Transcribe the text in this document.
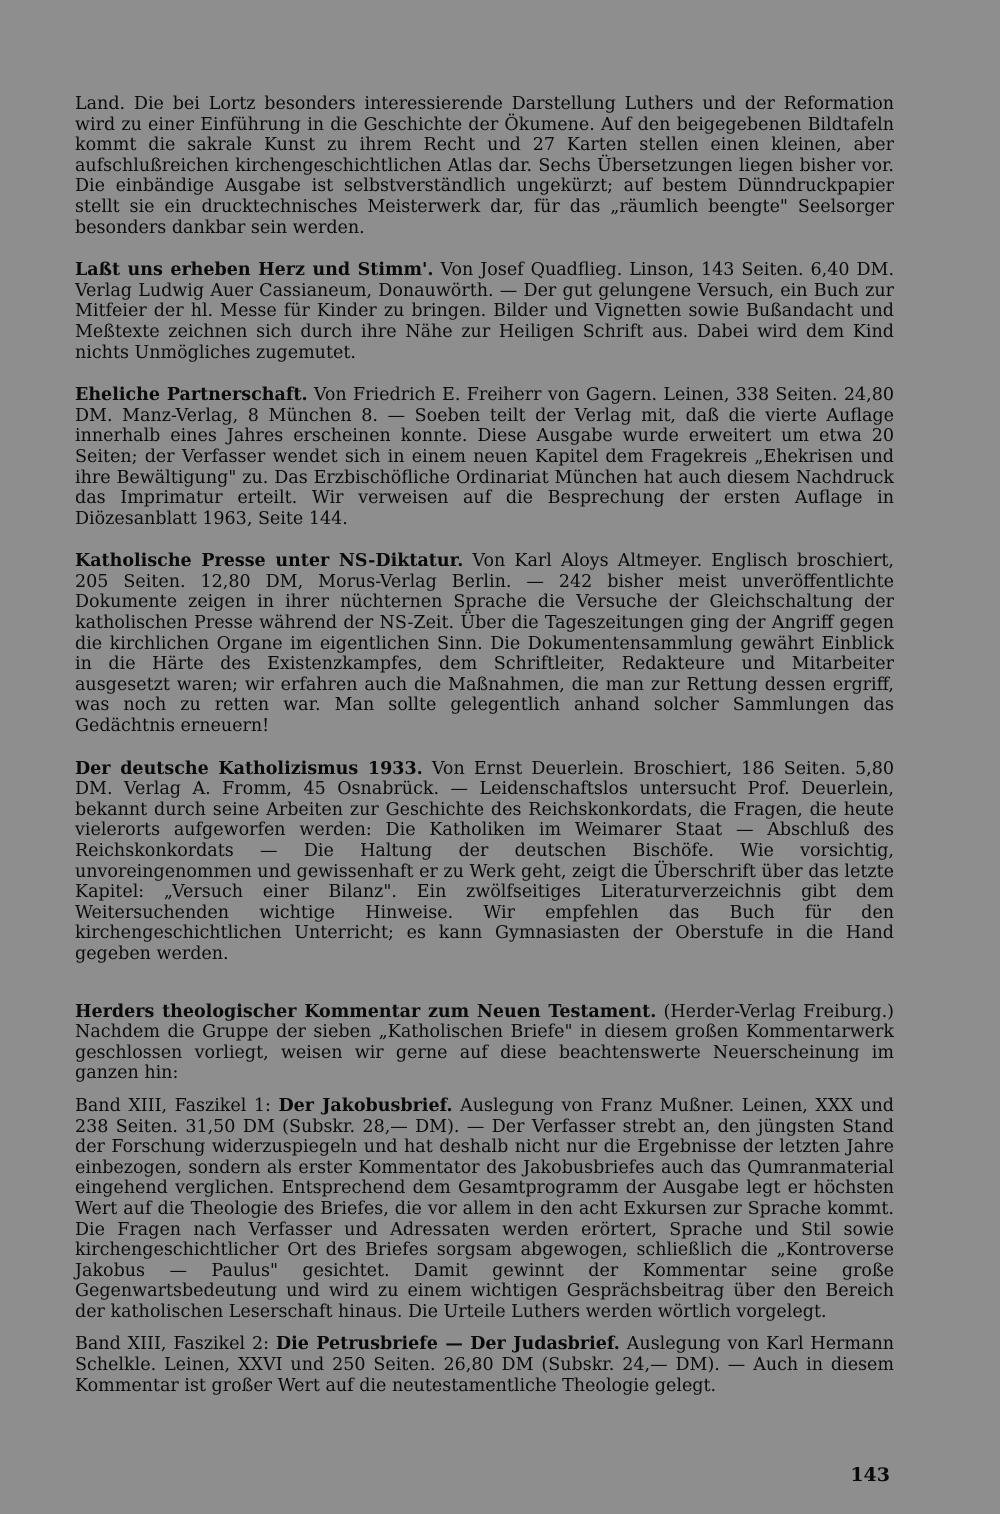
Land. Die bei Lortz besonders interessierende Darstellung Luthers und der Reformation wird zu einer Einführung in die Geschichte der Ökumene. Auf den beigegebenen Bildtafeln kommt die sakrale Kunst zu ihrem Recht und 27 Karten stellen einen kleinen, aber aufschlußreichen kirchengeschichtlichen Atlas dar. Sechs Übersetzungen liegen bisher vor. Die einbändige Ausgabe ist selbstverständlich ungekürzt; auf bestem Dünndruckpapier stellt sie ein drucktechnisches Meisterwerk dar, für das „räumlich beengte" Seelsorger besonders dankbar sein werden.

Laßt uns erheben Herz und Stimm'. Von Josef Quadflieg. Linson, 143 Seiten. 6,40 DM. Verlag Ludwig Auer Cassianeum, Donauwörth. — Der gut gelungene Versuch, ein Buch zur Mitfeier der hl. Messe für Kinder zu bringen. Bilder und Vignetten sowie Bußandacht und Meßtexte zeichnen sich durch ihre Nähe zur Heiligen Schrift aus. Dabei wird dem Kind nichts Unmögliches zugemutet.

Eheliche Partnerschaft. Von Friedrich E. Freiherr von Gagern. Leinen, 338 Seiten. 24,80 DM. Manz-Verlag, 8 München 8. — Soeben teilt der Verlag mit, daß die vierte Auflage innerhalb eines Jahres erscheinen konnte. Diese Ausgabe wurde erweitert um etwa 20 Seiten; der Verfasser wendet sich in einem neuen Kapitel dem Fragekreis „Ehekrisen und ihre Bewältigung" zu. Das Erzbischöfliche Ordinariat München hat auch diesem Nachdruck das Imprimatur erteilt. Wir verweisen auf die Besprechung der ersten Auflage in Diözesanblatt 1963, Seite 144.

Katholische Presse unter NS-Diktatur. Von Karl Aloys Altmeyer. Englisch broschiert, 205 Seiten. 12,80 DM, Morus-Verlag Berlin. — 242 bisher meist unveröffentlichte Dokumente zeigen in ihrer nüchternen Sprache die Versuche der Gleichschaltung der katholischen Presse während der NS-Zeit. Über die Tageszeitungen ging der Angriff gegen die kirchlichen Organe im eigentlichen Sinn. Die Dokumentensammlung gewährt Einblick in die Härte des Existenzkampfes, dem Schriftleiter, Redakteure und Mitarbeiter ausgesetzt waren; wir erfahren auch die Maßnahmen, die man zur Rettung dessen ergriff, was noch zu retten war. Man sollte gelegentlich anhand solcher Sammlungen das Gedächtnis erneuern!

Der deutsche Katholizismus 1933. Von Ernst Deuerlein. Broschiert, 186 Seiten. 5,80 DM. Verlag A. Fromm, 45 Osnabrück. — Leidenschaftslos untersucht Prof. Deuerlein, bekannt durch seine Arbeiten zur Geschichte des Reichskonkordats, die Fragen, die heute vielerorts aufgeworfen werden: Die Katholiken im Weimarer Staat — Abschluß des Reichskonkordats — Die Haltung der deutschen Bischöfe. Wie vorsichtig, unvoreingenommen und gewissenhaft er zu Werk geht, zeigt die Überschrift über das letzte Kapitel: „Versuch einer Bilanz". Ein zwölfseitiges Literaturverzeichnis gibt dem Weitersuchenden wichtige Hinweise. Wir empfehlen das Buch für den kirchengeschichtlichen Unterricht; es kann Gymnasiasten der Oberstufe in die Hand gegeben werden.

Herders theologischer Kommentar zum Neuen Testament. (Herder-Verlag Freiburg.) Nachdem die Gruppe der sieben „Katholischen Briefe" in diesem großen Kommentarwerk geschlossen vorliegt, weisen wir gerne auf diese beachtenswerte Neuerscheinung im ganzen hin:

Band XIII, Faszikel 1: Der Jakobusbrief. Auslegung von Franz Mußner. Leinen, XXX und 238 Seiten. 31,50 DM (Subskr. 28,— DM). — Der Verfasser strebt an, den jüngsten Stand der Forschung widerzuspiegeln und hat deshalb nicht nur die Ergebnisse der letzten Jahre einbezogen, sondern als erster Kommentator des Jakobusbriefes auch das Qumranmaterial eingehend verglichen. Entsprechend dem Gesamtprogramm der Ausgabe legt er höchsten Wert auf die Theologie des Briefes, die vor allem in den acht Exkursen zur Sprache kommt. Die Fragen nach Verfasser und Adressaten werden erörtert, Sprache und Stil sowie kirchengeschichtlicher Ort des Briefes sorgsam abgewogen, schließlich die „Kontroverse Jakobus — Paulus" gesichtet. Damit gewinnt der Kommentar seine große Gegenwartsbedeutung und wird zu einem wichtigen Gesprächsbeitrag über den Bereich der katholischen Leserschaft hinaus. Die Urteile Luthers werden wörtlich vorgelegt.

Band XIII, Faszikel 2: Die Petrusbriefe — Der Judasbrief. Auslegung von Karl Hermann Schelkle. Leinen, XXVI und 250 Seiten. 26,80 DM (Subskr. 24,— DM). — Auch in diesem Kommentar ist großer Wert auf die neutestamentliche Theologie gelegt.

143
